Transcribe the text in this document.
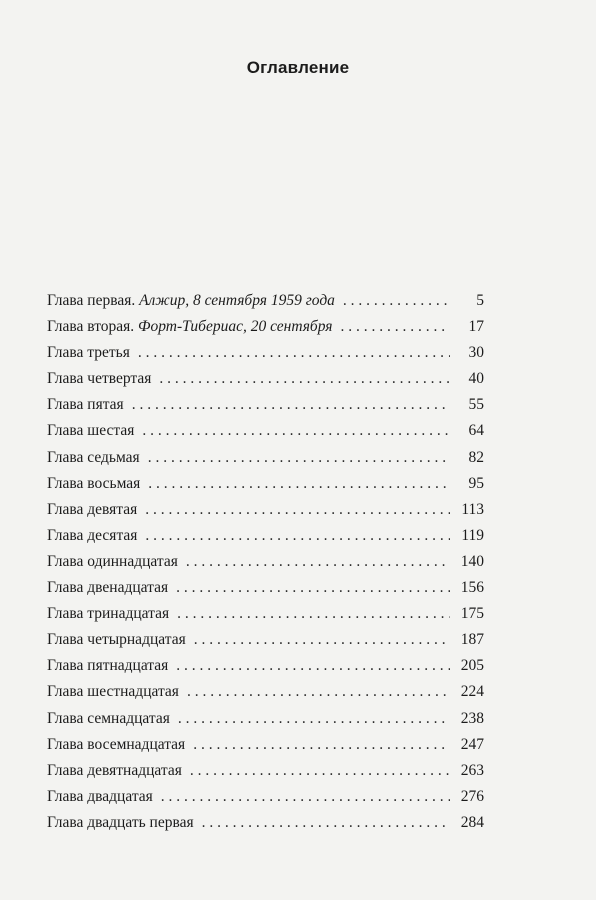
Оглавление
Глава первая. Алжир, 8 сентября 1959 года . . .	5
Глава вторая. Форт-Тибериас, 20 сентября . . .	17
Глава третья . . .	30
Глава четвертая . . .	40
Глава пятая . . .	55
Глава шестая . . .	64
Глава седьмая . . .	82
Глава восьмая . . .	95
Глава девятая . . .	113
Глава десятая . . .	119
Глава одиннадцатая . . .	140
Глава двенадцатая . . .	156
Глава тринадцатая . . .	175
Глава четырнадцатая . . .	187
Глава пятнадцатая . . .	205
Глава шестнадцатая . . .	224
Глава семнадцатая . . .	238
Глава восемнадцатая . . .	247
Глава девятнадцатая . . .	263
Глава двадцатая . . .	276
Глава двадцать первая . . .	284
